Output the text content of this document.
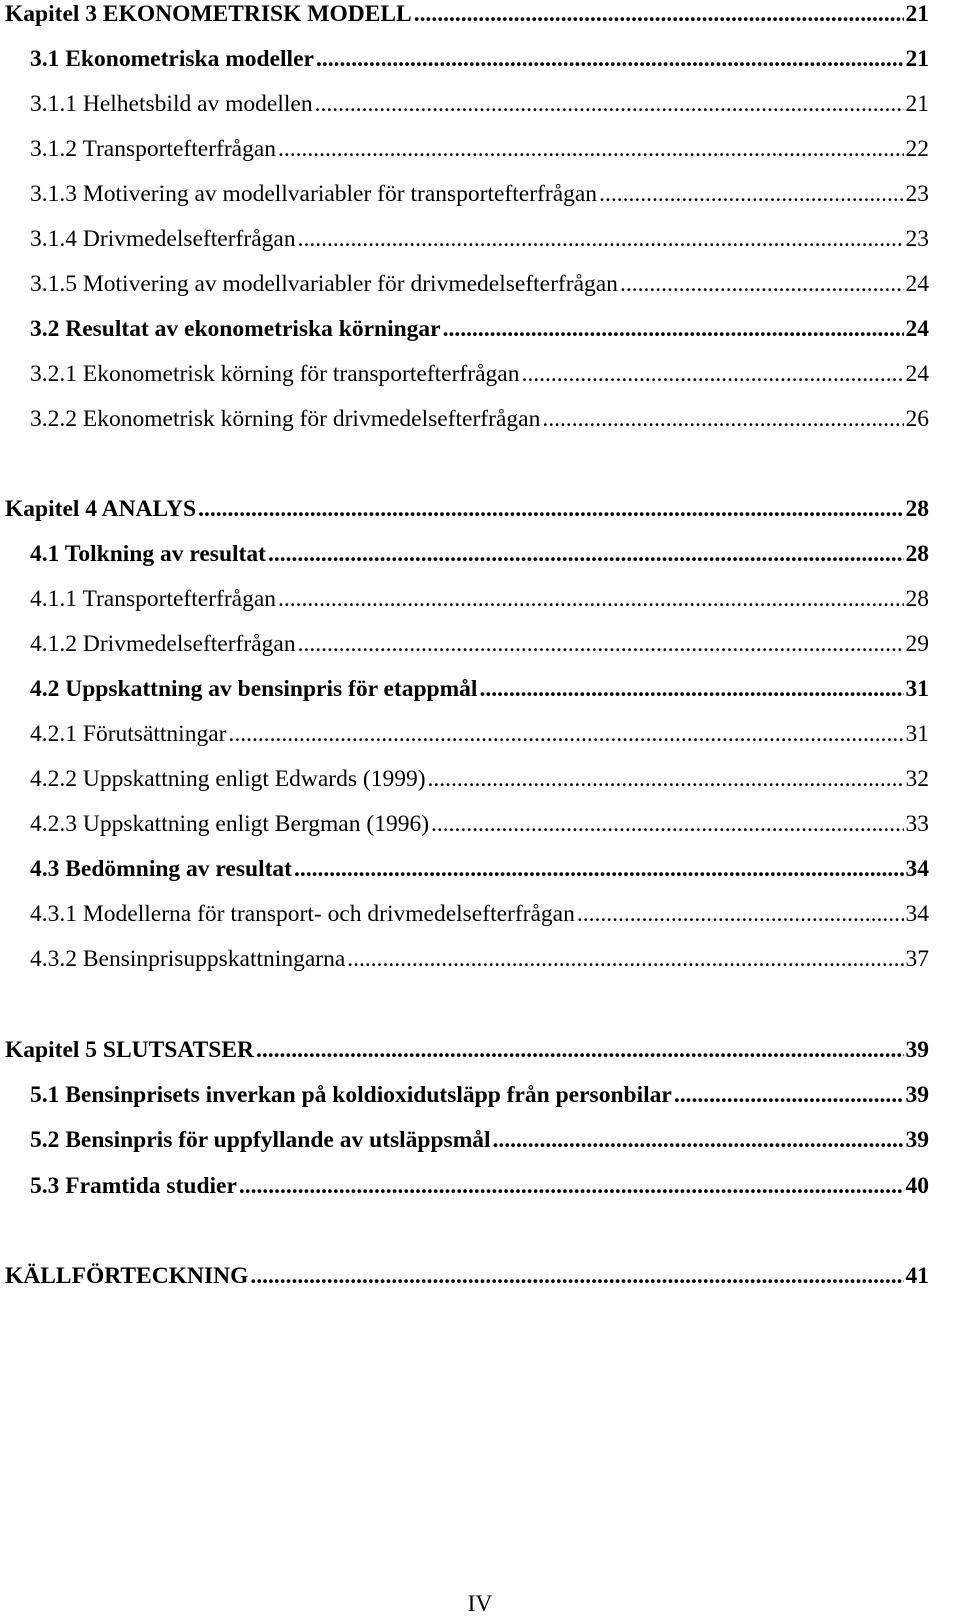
Kapitel 3 EKONOMETRISK MODELL .....	21
3.1 Ekonometriska modeller .....	21
3.1.1 Helhetsbild av modellen .....	21
3.1.2 Transportefterfrågan .....	22
3.1.3 Motivering av modellvariabler för transportefterfrågan .....	23
3.1.4 Drivmedelsefterfrågan .....	23
3.1.5 Motivering av modellvariabler för drivmedelsefterfrågan .....	24
3.2 Resultat av ekonometriska körningar .....	24
3.2.1 Ekonometrisk körning för transportefterfrågan .....	24
3.2.2 Ekonometrisk körning för drivmedelsefterfrågan .....	26
Kapitel 4 ANALYS .....	28
4.1 Tolkning av resultat .....	28
4.1.1 Transportefterfrågan .....	28
4.1.2 Drivmedelsefterfrågan .....	29
4.2 Uppskattning av bensinpris för etappmål .....	31
4.2.1 Förutsättningar .....	31
4.2.2 Uppskattning enligt Edwards (1999) .....	32
4.2.3 Uppskattning enligt Bergman (1996) .....	33
4.3 Bedömning av resultat .....	34
4.3.1 Modellerna för transport- och drivmedelsefterfrågan .....	34
4.3.2 Bensinprisuppskattningarna .....	37
Kapitel 5 SLUTSATSER .....	39
5.1 Bensinprisets inverkan på koldioxidutsläpp från personbilar .....	39
5.2 Bensinpris för uppfyllande av utsläppsmål .....	39
5.3 Framtida studier .....	40
KÄLLFÖRTECKNING .....	41
IV
